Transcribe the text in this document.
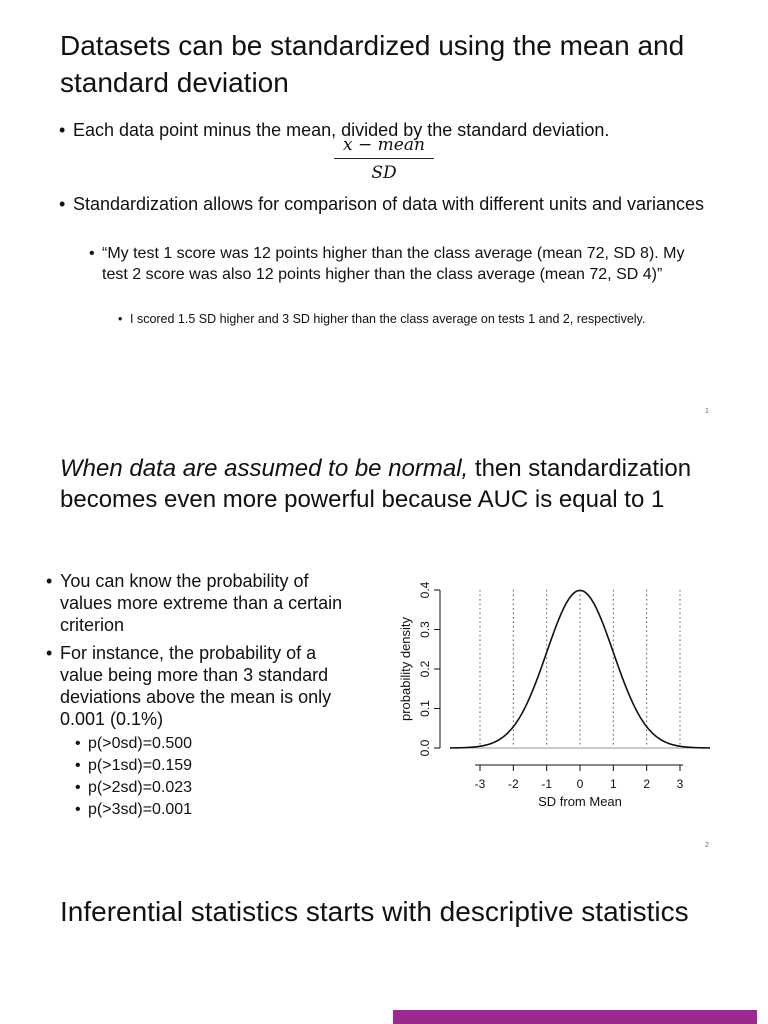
Datasets can be standardized using the mean and standard deviation
• Each data point minus the mean, divided by the standard deviation.
x − mean
SD
• Standardization allows for comparison of data with different units and variances
• “My test 1 score was 12 points higher than the class average (mean 72, SD 8). My test 2 score was also 12 points higher than the class average (mean 72, SD 4)”
• I scored 1.5 SD higher and 3 SD higher than the class average on tests 1 and 2, respectively.
1
When data are assumed to be normal, then standardization becomes even more powerful because AUC is equal to 1
• You can know the probability of values more extreme than a certain criterion
• For instance, the probability of a value being more than 3 standard deviations above the mean is only 0.001 (0.1%)
• p(>0sd)=0.500
• p(>1sd)=0.159
• p(>2sd)=0.023
• p(>3sd)=0.001
0.0
0.1
0.2
0.3
0.4
-3 -2 -1 0 1 2 3
probability density
SD from Mean
2
Inferential statistics starts with descriptive statistics
